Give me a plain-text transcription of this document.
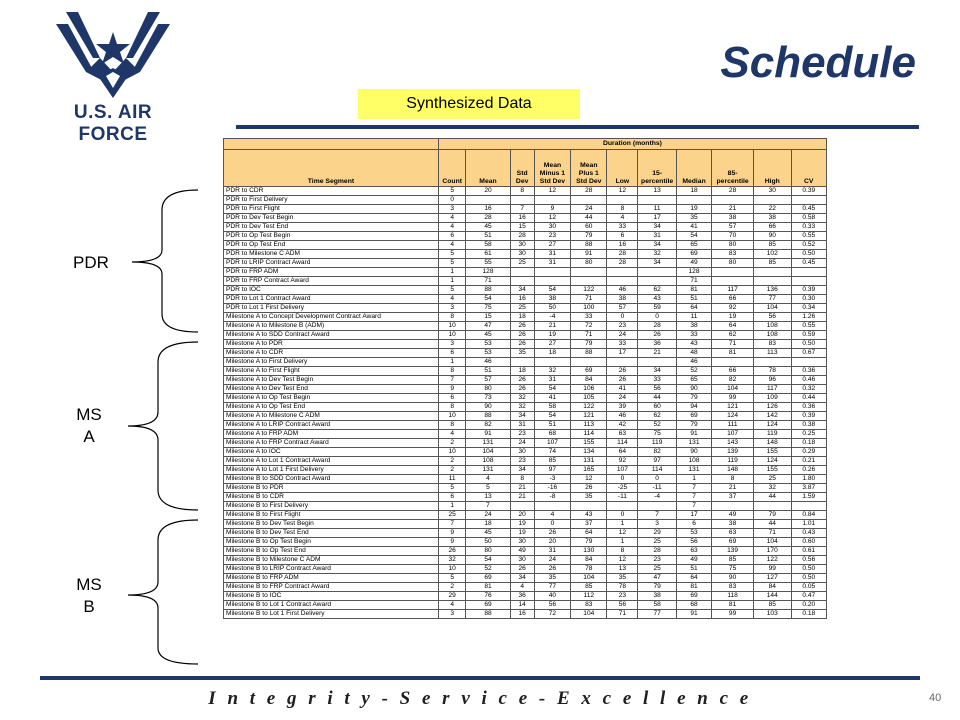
U.S. AIR FORCE
Schedule
Synthesized Data
PDR
MS
A
MS
B
	Duration (months)										
Time Segment	Count	Mean	Std Dev	Mean Minus 1 Std Dev	Mean Plus 1 Std Dev	Low	15-percentile	Median	85-percentile	High	CV
PDR to CDR	5	20	8	12	28	12	13	18	28	30	0.39
PDR to First Delivery	0										
PDR to First Flight	3	16	7	9	24	8	11	19	21	22	0.45
PDR to Dev Test Begin	4	28	16	12	44	4	17	35	38	38	0.58
PDR to Dev Test End	4	45	15	30	60	33	34	41	57	66	0.33
PDR to Op Test Begin	6	51	28	23	79	6	31	54	70	90	0.55
PDR to Op Test End	4	58	30	27	88	16	34	65	80	85	0.52
PDR to Milestone C ADM	5	61	30	31	91	28	32	69	83	102	0.50
PDR to LRIP Contract Award	5	55	25	31	80	28	34	49	80	85	0.45
PDR to FRP ADM	1	128						128			
PDR to FRP Contract Award	1	71						71			
PDR to IOC	5	88	34	54	122	46	62	81	117	136	0.39
PDR to Lot 1 Contract Award	4	54	16	38	71	38	43	51	66	77	0.30
PDR to Lot 1 First Delivery	3	75	25	50	100	57	59	64	92	104	0.34
Milestone A to Concept Development Contract Award	8	15	18	-4	33	0	0	11	19	56	1.26
Milestone A to Milestone B (ADM)	10	47	26	21	72	23	28	38	64	108	0.55
Milestone A to SDD Contract Award	10	45	26	19	71	24	26	33	62	108	0.59
Milestone A to PDR	3	53	26	27	79	33	36	43	71	83	0.50
Milestone A to CDR	6	53	35	18	88	17	21	48	81	113	0.67
Milestone A to First Delivery	1	46						46			
Milestone A to First Flight	8	51	18	32	69	26	34	52	66	78	0.36
Milestone A to Dev Test Begin	7	57	26	31	84	26	33	65	82	96	0.46
Milestone A to Dev Test End	9	80	26	54	106	41	56	90	104	117	0.32
Milestone A to Op Test Begin	6	73	32	41	105	24	44	79	99	109	0.44
Milestone A to Op Test End	8	90	32	58	122	39	60	94	121	126	0.36
Milestone A to Milestone C ADM	10	88	34	54	121	46	62	69	124	142	0.39
Milestone A to LRIP Contract Award	8	82	31	51	113	42	52	79	111	124	0.38
Milestone A to FRP ADM	4	91	23	68	114	63	75	91	107	119	0.25
Milestone A to FRP Contract Award	2	131	24	107	155	114	119	131	143	148	0.18
Milestone A to IOC	10	104	30	74	134	64	82	90	139	155	0.29
Milestone A to Lot 1 Contract Award	2	108	23	85	131	92	97	108	119	124	0.21
Milestone A to Lot 1 First Delivery	2	131	34	97	165	107	114	131	148	155	0.26
Milestone B to SDD Contract Award	11	4	8	-3	12	0	0	1	8	25	1.80
Milestone B to PDR	5	5	21	-16	26	-25	-11	7	21	32	3.87
Milestone B to CDR	6	13	21	-8	35	-11	-4	7	37	44	1.59
Milestone B to First Delivery	1	7						7			
Milestone B to First Flight	25	24	20	4	43	0	7	17	49	79	0.84
Milestone B to Dev Test Begin	7	18	19	0	37	1	3	6	38	44	1.01
Milestone B to Dev Test End	9	45	19	26	64	12	29	53	63	71	0.43
Milestone B to Op Test Begin	9	50	30	20	79	1	25	56	69	104	0.60
Milestone B to Op Test End	26	80	49	31	130	8	28	63	139	170	0.61
Milestone B to Milestone C ADM	32	54	30	24	84	12	23	49	85	122	0.56
Milestone B to LRIP Contract Award	10	52	26	26	78	13	25	51	75	99	0.50
Milestone B to FRP ADM	5	69	34	35	104	35	47	64	90	127	0.50
Milestone B to FRP Contract Award	2	81	4	77	85	78	79	81	83	84	0.05
Milestone B to IOC	29	76	36	40	112	23	38	69	118	144	0.47
Milestone B to Lot 1 Contract Award	4	69	14	56	83	56	58	68	81	85	0.20
Milestone B to Lot 1 First Delivery	3	88	16	72	104	71	77	91	99	103	0.18
I n t e g r i t y - S e r v i c e - E x c e l l e n c e	40
